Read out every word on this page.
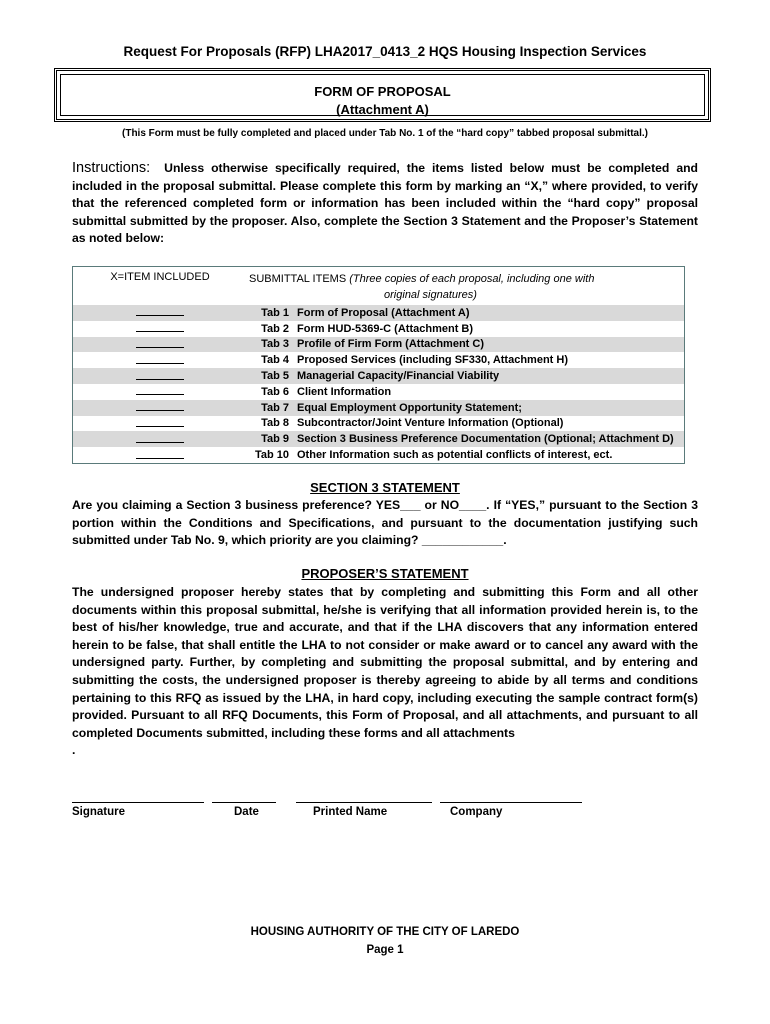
Request For Proposals (RFP) LHA2017_0413_2 HQS Housing Inspection Services
FORM OF PROPOSAL
(Attachment A)
(This Form must be fully completed and placed under Tab No. 1 of the “hard copy” tabbed proposal submittal.)
Instructions: Unless otherwise specifically required, the items listed below must be completed and included in the proposal submittal. Please complete this form by marking an “X,” where provided, to verify that the referenced completed form or information has been included within the “hard copy” proposal submittal submitted by the proposer. Also, complete the Section 3 Statement and the Proposer’s Statement as noted below:
X=ITEM INCLUDED	SUBMITTAL ITEMS (Three copies of each proposal, including one with
original signatures)	

	Tab 1	Form of Proposal (Attachment A)
	Tab 2	Form HUD-5369-C (Attachment B)
	Tab 3	Profile of Firm Form (Attachment C)
	Tab 4	Proposed Services (including SF330, Attachment H)
	Tab 5	Managerial Capacity/Financial Viability
	Tab 6	Client Information
	Tab 7	Equal Employment Opportunity Statement;
	Tab 8	Subcontractor/Joint Venture Information (Optional)
	Tab 9	Section 3 Business Preference Documentation (Optional; Attachment D)
	Tab 10	Other Information such as potential conflicts of interest, ect.
SECTION 3 STATEMENT
Are you claiming a Section 3 business preference? YES___ or NO____. If “YES,” pursuant to the Section 3 portion within the Conditions and Specifications, and pursuant to the documentation justifying such submitted under Tab No. 9, which priority are you claiming? ____________.
PROPOSER’S STATEMENT
The undersigned proposer hereby states that by completing and submitting this Form and all other documents within this proposal submittal, he/she is verifying that all information provided herein is, to the best of his/her knowledge, true and accurate, and that if the LHA discovers that any information entered herein to be false, that shall entitle the LHA to not consider or make award or to cancel any award with the undersigned party. Further, by completing and submitting the proposal submittal, and by entering and submitting the costs, the undersigned proposer is thereby agreeing to abide by all terms and conditions pertaining to this RFQ as issued by the LHA, in hard copy, including executing the sample contract form(s) provided. Pursuant to all RFQ Documents, this Form of Proposal, and all attachments, and pursuant to all completed Documents submitted, including these forms and all attachments
.
Signature	Date	Printed Name	Company
HOUSING AUTHORITY OF THE CITY OF LAREDO
Page 1
